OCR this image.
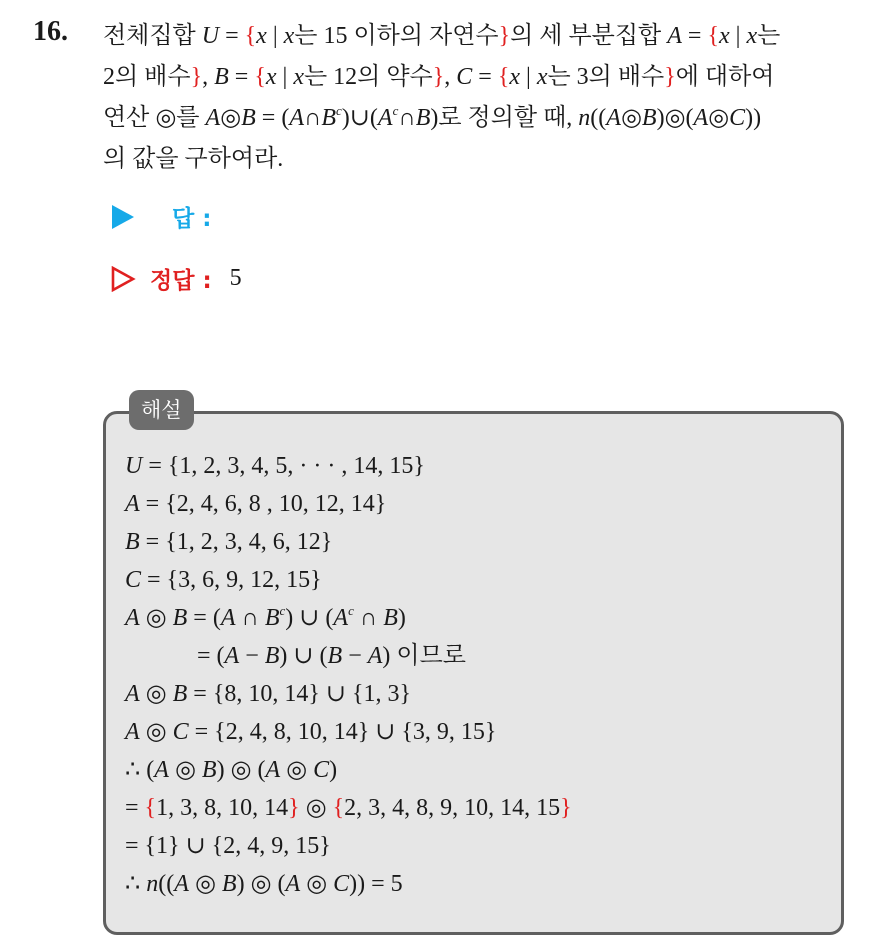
16. 전체집합 U = {x | x는 15 이하의 자연수}의 세 부분집합 A = {x | x는
2의 배수}, B = {x | x는 12의 약수}, C = {x | x는 3의 배수}에 대하여
연산 ◎를 A◎B = $(A\cap B^c)\cup(A^c\cap B)$로 정의할 때, n((A◎B)◎(A◎C))
의 값을 구하여라.
답 :
정답 : 5
해설
U = {1, 2, 3, 4, 5, · · · , 14, 15}
A = {2, 4, 6, 8 , 10, 12, 14}
B = {1, 2, 3, 4, 6, 12}
C = {3, 6, 9, 12, 15}
A ◎ B = (A ∩ $B^c$) ∪ ($A^c$ ∩ B)
= (A − B) ∪ (B − A) 이므로
A ◎ B = {8, 10, 14} ∪ {1, 3}
A ◎ C = {2, 4, 8, 10, 14} ∪ {3, 9, 15}
∴ (A ◎ B) ◎ (A ◎ C)
= {1, 3, 8, 10, 14} ◎ {2, 3, 4, 8, 9, 10, 14, 15}
= {1} ∪ {2, 4, 9, 15}
∴ n((A ◎ B) ◎ (A ◎ C)) = 5
